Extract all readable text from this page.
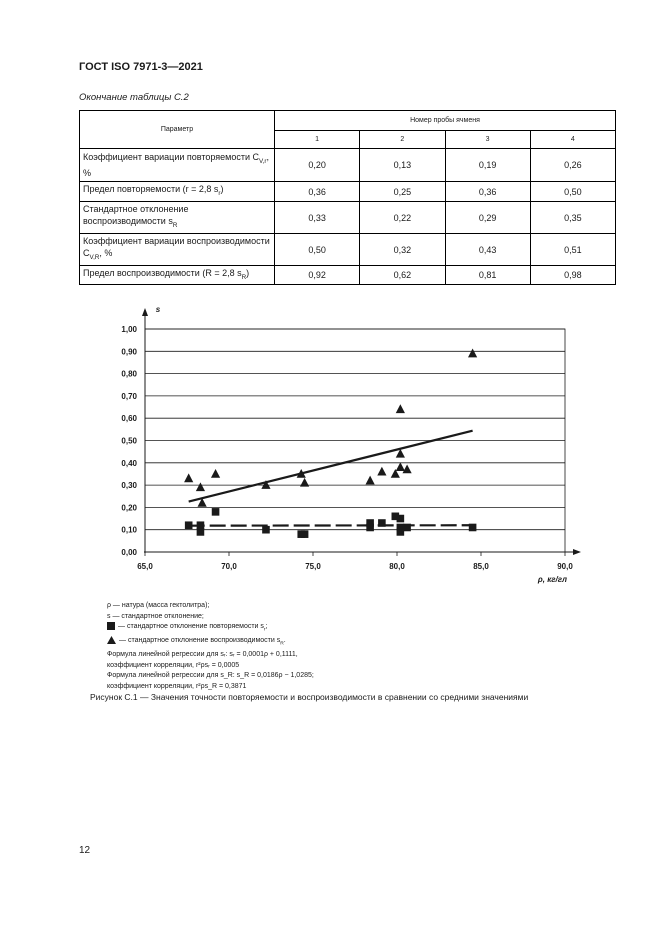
ГОСТ ISO 7971-3—2021
Окончание таблицы С.2
Параметр	Номер пробы ячменя			
	1	2	3	4
Коэффициент вариации повторяемости $C_{V,r}$, %	0,20	0,13	0,19	0,26
Предел повторяемости (r = 2,8 $s_r$)	0,36	0,25	0,36	0,50
Стандартное отклонение воспроизводимости $s_R$	0,33	0,22	0,29	0,35
Коэффициент вариации воспроизводимости $C_{V,R}$, %	0,50	0,32	0,43	0,51
Предел воспроизводимости (R = 2,8 $s_R$)	0,92	0,62	0,81	0,98
0,00
0,10
0,20
0,30
0,40
0,50
0,60
0,70
0,80
0,90
1,00
65,0	70,0	75,0	80,0	85,0	90,0
s
ρ, кг/гл
ρ — натура (масса гектолитра);
s — стандартное отклонение;
— стандартное отклонение повторяемости $s_r$;
— стандартное отклонение воспроизводимости $s_R$.
Формула линейной регрессии для sᵣ: sᵣ = 0,0001ρ + 0,1111,
коэффициент корреляции, r²ρsᵣ = 0,0005
Формула линейной регрессии для s_R: s_R = 0,0186ρ − 1,0285;
коэффициент корреляции, r²ρs_R = 0,3871
Рисунок С.1 — Значения точности повторяемости и воспроизводимости в сравнении со средними значениями
12
